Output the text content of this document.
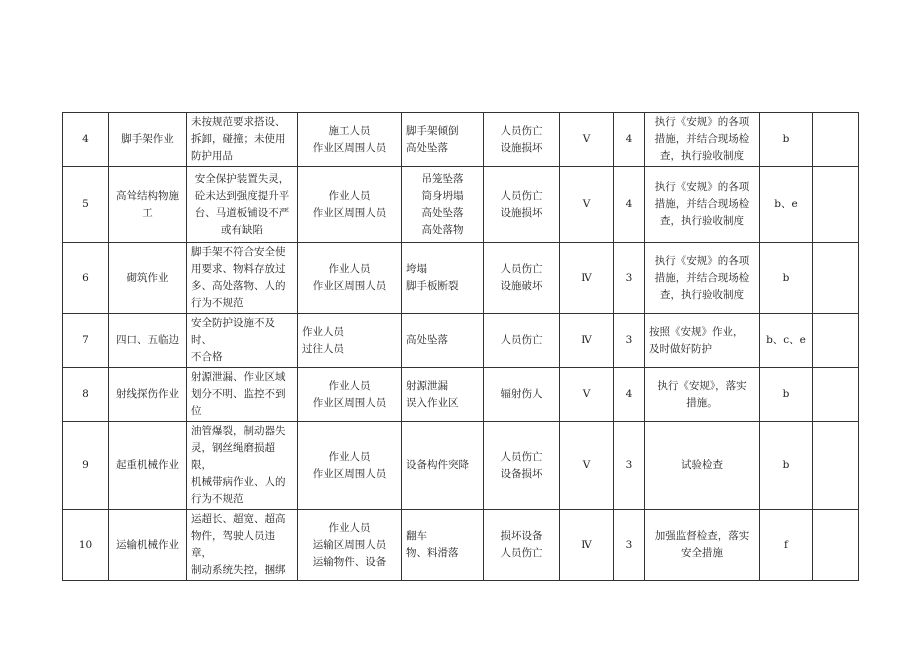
4	脚手架作业	未按规范要求搭设、
拆卸，碰撞；未使用
防护用品	施工人员
作业区周围人员	脚手架倾倒
高处坠落	人员伤亡
设施损坏	Ⅴ	4	执行《安规》的各项
措施，并结合现场检
查，执行验收制度	b	
5	高耸结构物施
工	安全保护装置失灵，
砼未达到强度提升平
台、马道板铺设不严
或有缺陷	作业人员
作业区周围人员	吊笼坠落
筒身坍塌
高处坠落
高处落物	人员伤亡
设施损坏	Ⅴ	4	执行《安规》的各项
措施，并结合现场检
查，执行验收制度	b、e	
6	砌筑作业	脚手架不符合安全使
用要求、物料存放过
多、高处落物、人的
行为不规范	作业人员
作业区周围人员	垮塌
脚手板断裂	人员伤亡
设施破坏	Ⅳ	3	执行《安规》的各项
措施，并结合现场检
查，执行验收制度	b	
7	四口、五临边	安全防护设施不及时、
不合格	作业人员
过往人员	高处坠落	人员伤亡	Ⅳ	3	按照《安规》作业，
及时做好防护	b、c、e	
8	射线探伤作业	射源泄漏、作业区域
划分不明、监控不到
位	作业人员
作业区周围人员	射源泄漏
误入作业区	辐射伤人	Ⅴ	4	执行《安规》，落实
措施。	b	
9	起重机械作业	油管爆裂，制动器失
灵，钢丝绳磨损超限，
机械带病作业、人的
行为不规范	作业人员
作业区周围人员	设备构件突降	人员伤亡
设备损坏	Ⅴ	3	试验检查	b	
10	运输机械作业	运超长、超宽、超高
物件，驾驶人员违章，
制动系统失控，捆绑	作业人员
运输区周围人员
运输物件、设备	翻车
物、料滑落	损坏设备
人员伤亡	Ⅳ	3	加强监督检查，落实
安全措施	f	
